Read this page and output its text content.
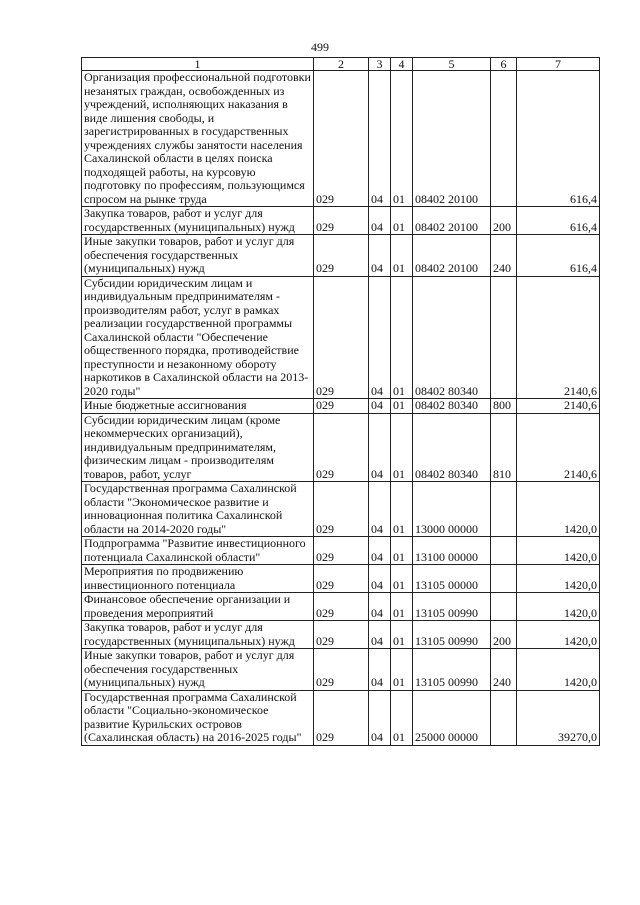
499
1	2	3	4	5	6	7

Организация профессиональной подготовки незанятых граждан, освобожденных из учреждений, исполняющих наказания в виде лишения свободы, и зарегистрированных в государственных учреждениях службы занятости населения Сахалинской области в целях поиска подходящей работы, на курсовую подготовку по профессиям, пользующимся спросом на рынке труда	029	04	01	08402 20100		616,4

Закупка товаров, работ и услуг для государственных (муниципальных) нужд	029	04	01	08402 20100	200	616,4

Иные закупки товаров, работ и услуг для обеспечения государственных (муниципальных) нужд	029	04	01	08402 20100	240	616,4

Субсидии юридическим лицам и индивидуальным предпринимателям - производителям работ, услуг в рамках реализации государственной программы Сахалинской области "Обеспечение общественного порядка, противодействие преступности и незаконному обороту наркотиков в Сахалинской области на 2013-2020 годы"	029	04	01	08402 80340		2140,6

Иные бюджетные ассигнования	029	04	01	08402 80340	800	2140,6

Субсидии юридическим лицам (кроме некоммерческих организаций), индивидуальным предпринимателям, физическим лицам - производителям товаров, работ, услуг	029	04	01	08402 80340	810	2140,6

Государственная программа Сахалинской области "Экономическое развитие и инновационная политика Сахалинской области на 2014-2020 годы"	029	04	01	13000 00000		1420,0

Подпрограмма "Развитие инвестиционного потенциала Сахалинской области"	029	04	01	13100 00000		1420,0

Мероприятия по продвижению инвестиционного потенциала	029	04	01	13105 00000		1420,0

Финансовое обеспечение организации и проведения мероприятий	029	04	01	13105 00990		1420,0

Закупка товаров, работ и услуг для государственных (муниципальных) нужд	029	04	01	13105 00990	200	1420,0

Иные закупки товаров, работ и услуг для обеспечения государственных (муниципальных) нужд	029	04	01	13105 00990	240	1420,0

Государственная программа Сахалинской области "Социально-экономическое развитие Курильских островов (Сахалинская область) на 2016-2025 годы"	029	04	01	25000 00000		39270,0
